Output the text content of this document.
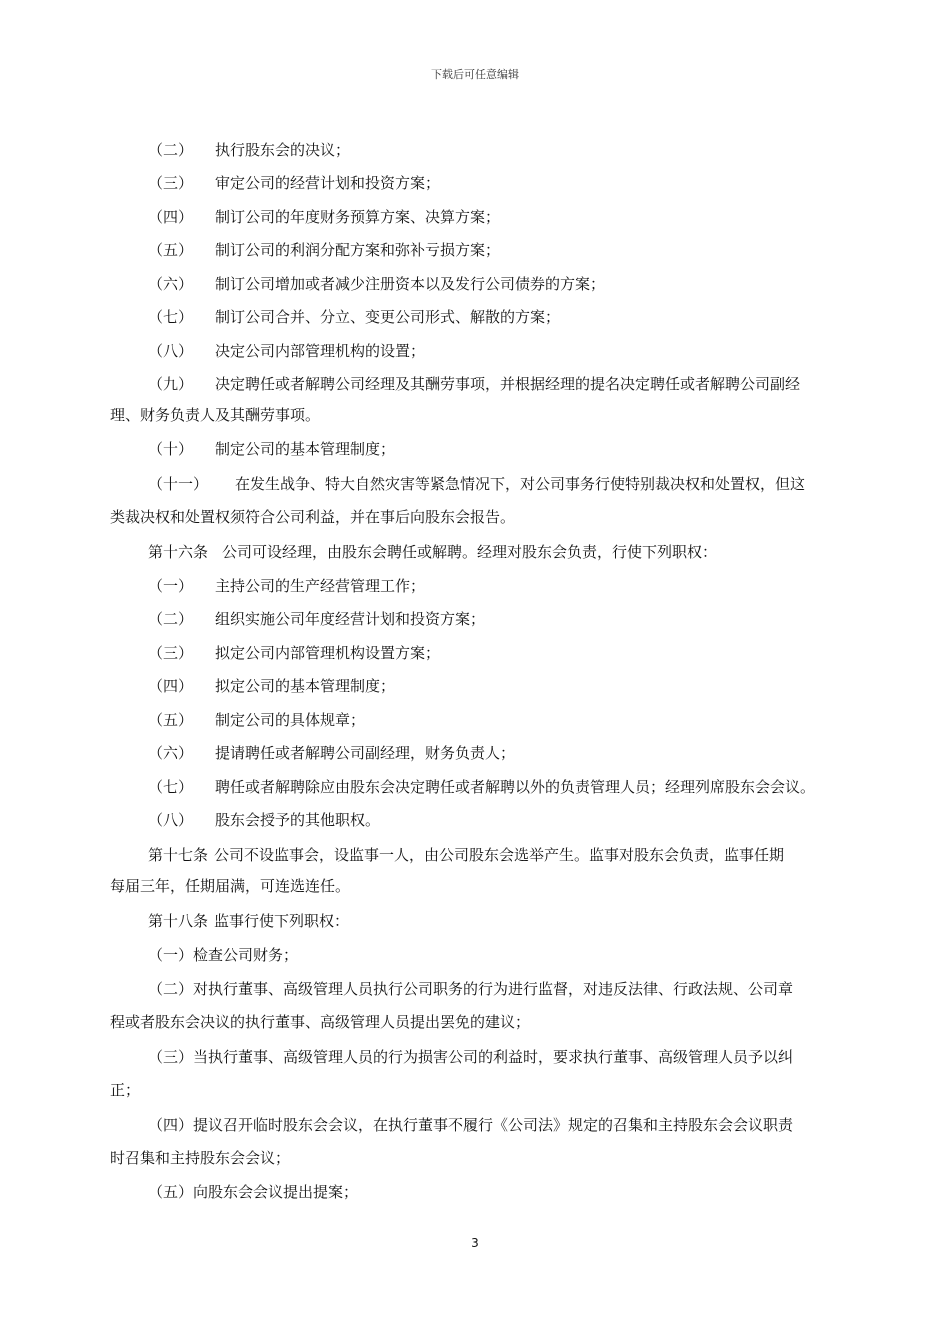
下载后可任意编辑
（二） 执行股东会的决议；
（三） 审定公司的经营计划和投资方案；
（四） 制订公司的年度财务预算方案、决算方案；
（五） 制订公司的利润分配方案和弥补亏损方案；
（六） 制订公司增加或者减少注册资本以及发行公司债券的方案；
（七） 制订公司合并、分立、变更公司形式、解散的方案；
（八） 决定公司内部管理机构的设置；
（九） 决定聘任或者解聘公司经理及其酬劳事项，并根据经理的提名决定聘任或者解聘公司副经
理、财务负责人及其酬劳事项。
（十） 制定公司的基本管理制度；
（十一） 在发生战争、特大自然灾害等紧急情况下，对公司事务行使特别裁决权和处置权，但这
类裁决权和处置权须符合公司利益，并在事后向股东会报告。
第十六条 公司可设经理，由股东会聘任或解聘。经理对股东会负责，行使下列职权：
（一） 主持公司的生产经营管理工作；
（二） 组织实施公司年度经营计划和投资方案；
（三） 拟定公司内部管理机构设置方案；
（四） 拟定公司的基本管理制度；
（五） 制定公司的具体规章；
（六） 提请聘任或者解聘公司副经理，财务负责人；
（七） 聘任或者解聘除应由股东会决定聘任或者解聘以外的负责管理人员；经理列席股东会会议。
（八） 股东会授予的其他职权。
第十七条 公司不设监事会，设监事一人，由公司股东会选举产生。监事对股东会负责，监事任期
每届三年，任期届满，可连选连任。
第十八条 监事行使下列职权：
（一）检查公司财务；
（二）对执行董事、高级管理人员执行公司职务的行为进行监督，对违反法律、行政法规、公司章
程或者股东会决议的执行董事、高级管理人员提出罢免的建议；
（三）当执行董事、高级管理人员的行为损害公司的利益时，要求执行董事、高级管理人员予以纠
正；
（四）提议召开临时股东会会议，在执行董事不履行《公司法》规定的召集和主持股东会会议职责
时召集和主持股东会会议；
（五）向股东会会议提出提案；
3
